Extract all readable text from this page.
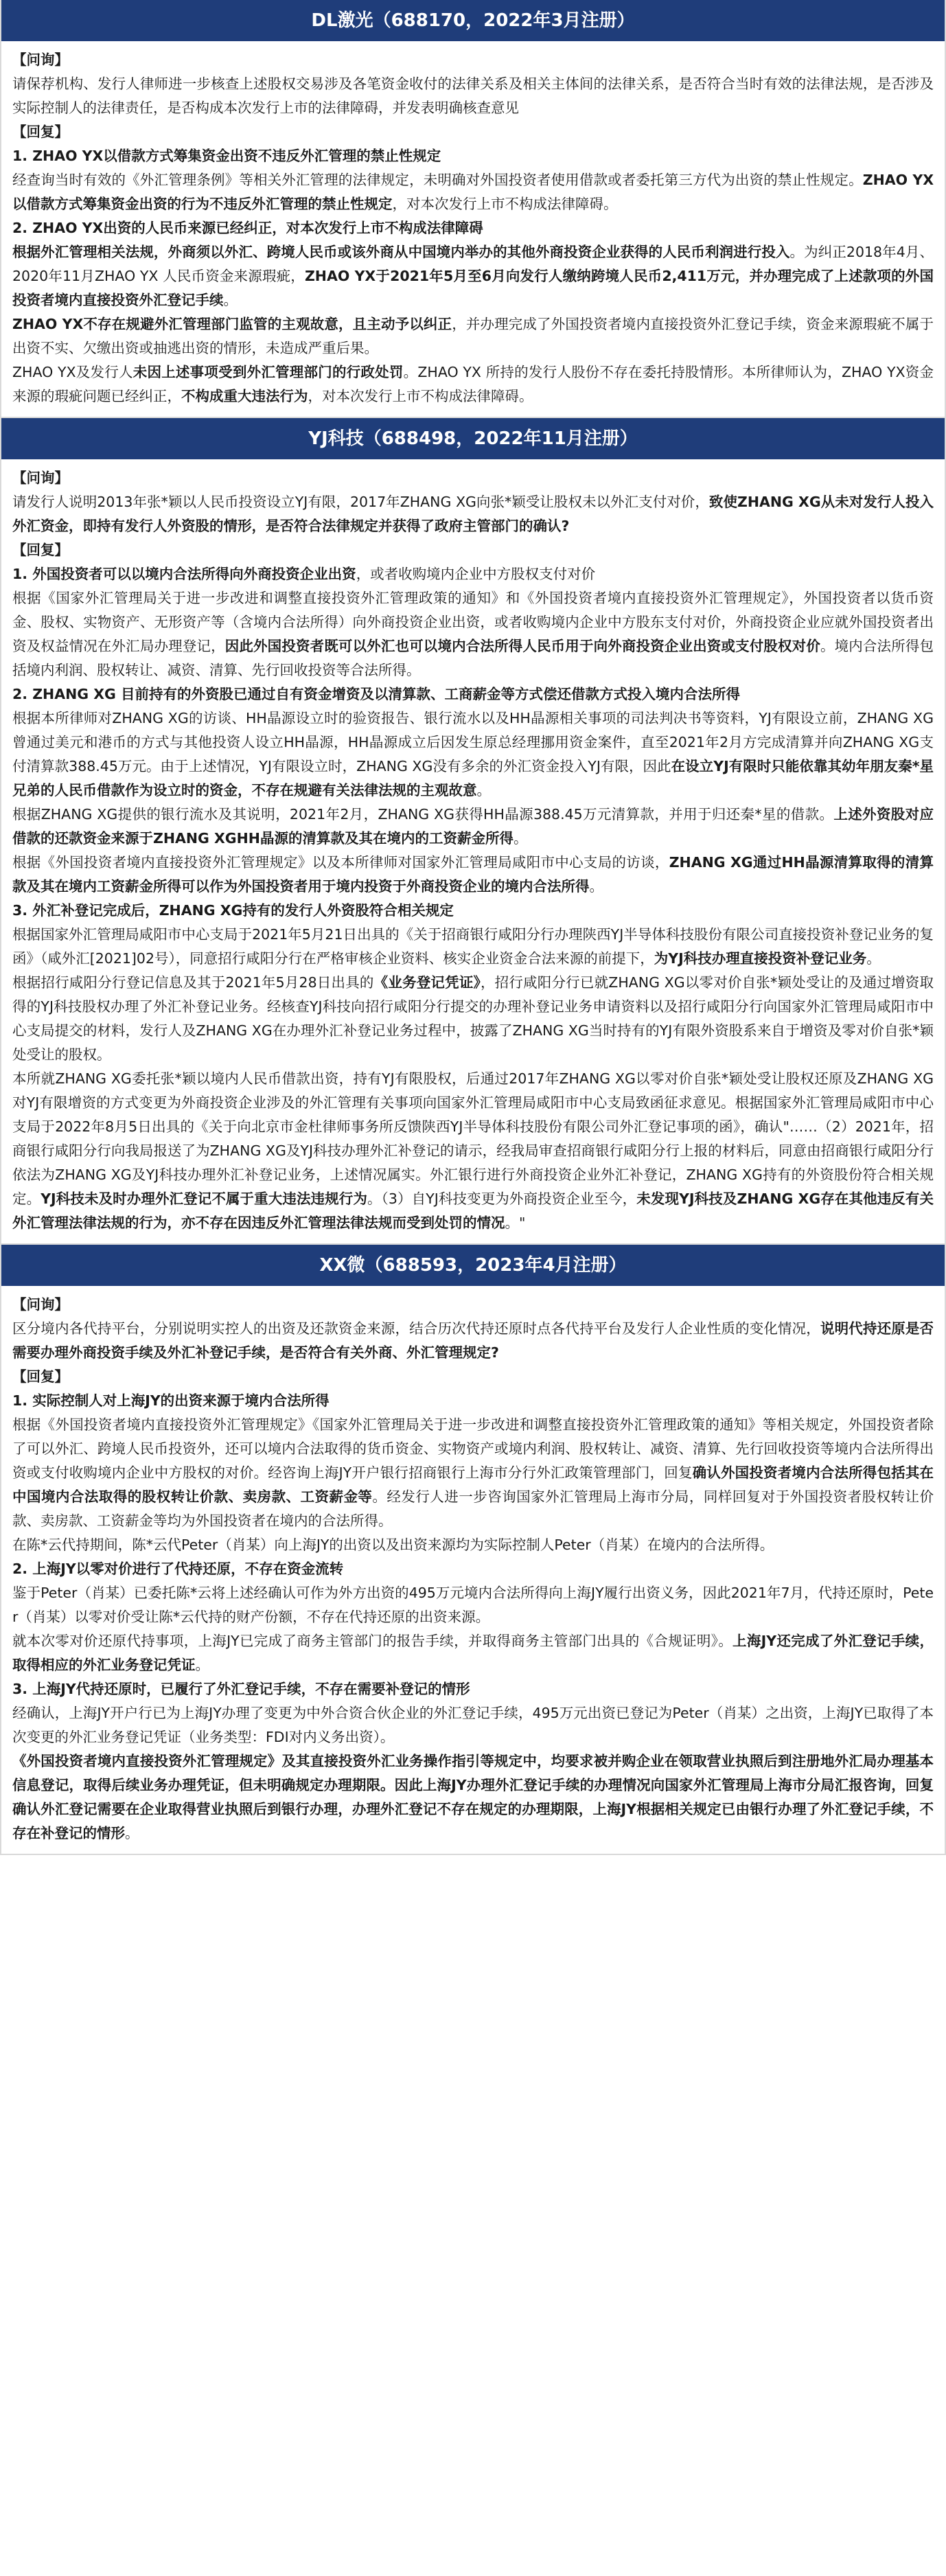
DL激光（688170，2022年3月注册）

【问询】

请保荐机构、发行人律师进一步核查上述股权交易涉及各笔资金收付的法律关系及相关主体间的法律关系，是否符合当时有效的法律法规，是否涉及实际控制人的法律责任，是否构成本次发行上市的法律障碍，并发表明确核查意见

【回复】

1. ZHAO YX以借款方式筹集资金出资不违反外汇管理的禁止性规定

经查询当时有效的《外汇管理条例》等相关外汇管理的法律规定，未明确对外国投资者使用借款或者委托第三方代为出资的禁止性规定。ZHAO YX以借款方式筹集资金出资的行为不违反外汇管理的禁止性规定，对本次发行上市不构成法律障碍。

2. ZHAO YX出资的人民币来源已经纠正，对本次发行上市不构成法律障碍

根据外汇管理相关法规，外商须以外汇、跨境人民币或该外商从中国境内举办的其他外商投资企业获得的人民币利润进行投入。为纠正2018年4月、2020年11月ZHAO YX 人民币资金来源瑕疵，ZHAO YX于2021年5月至6月向发行人缴纳跨境人民币2,411万元，并办理完成了上述款项的外国投资者境内直接投资外汇登记手续。

ZHAO YX不存在规避外汇管理部门监管的主观故意，且主动予以纠正，并办理完成了外国投资者境内直接投资外汇登记手续，资金来源瑕疵不属于出资不实、欠缴出资或抽逃出资的情形，未造成严重后果。

ZHAO YX及发行人未因上述事项受到外汇管理部门的行政处罚。ZHAO YX 所持的发行人股份不存在委托持股情形。本所律师认为，ZHAO YX资金来源的瑕疵问题已经纠正，不构成重大违法行为，对本次发行上市不构成法律障碍。

YJ科技（688498，2022年11月注册）

【问询】

请发行人说明2013年张*颖以人民币投资设立YJ有限，2017年ZHANG XG向张*颖受让股权未以外汇支付对价，致使ZHANG XG从未对发行人投入外汇资金，即持有发行人外资股的情形，是否符合法律规定并获得了政府主管部门的确认?

【回复】

1. 外国投资者可以以境内合法所得向外商投资企业出资，或者收购境内企业中方股权支付对价

根据《国家外汇管理局关于进一步改进和调整直接投资外汇管理政策的通知》和《外国投资者境内直接投资外汇管理规定》，外国投资者以货币资金、股权、实物资产、无形资产等（含境内合法所得）向外商投资企业出资，或者收购境内企业中方股东支付对价，外商投资企业应就外国投资者出资及权益情况在外汇局办理登记，因此外国投资者既可以外汇也可以境内合法所得人民币用于向外商投资企业出资或支付股权对价。境内合法所得包括境内利润、股权转让、减资、清算、先行回收投资等合法所得。

2. ZHANG XG 目前持有的外资股已通过自有资金增资及以清算款、工商薪金等方式偿还借款方式投入境内合法所得

根据本所律师对ZHANG XG的访谈、HH晶源设立时的验资报告、银行流水以及HH晶源相关事项的司法判决书等资料，YJ有限设立前，ZHANG XG曾通过美元和港币的方式与其他投资人设立HH晶源，HH晶源成立后因发生原总经理挪用资金案件，直至2021年2月方完成清算并向ZHANG XG支付清算款388.45万元。由于上述情况，YJ有限设立时，ZHANG XG没有多余的外汇资金投入YJ有限，因此在设立YJ有限时只能依靠其幼年朋友秦*星兄弟的人民币借款作为设立时的资金，不存在规避有关法律法规的主观故意。

根据ZHANG XG提供的银行流水及其说明，2021年2月，ZHANG XG获得HH晶源388.45万元清算款，并用于归还秦*星的借款。上述外资股对应借款的还款资金来源于ZHANG XGHH晶源的清算款及其在境内的工资薪金所得。

根据《外国投资者境内直接投资外汇管理规定》以及本所律师对国家外汇管理局咸阳市中心支局的访谈，ZHANG XG通过HH晶源清算取得的清算款及其在境内工资薪金所得可以作为外国投资者用于境内投资于外商投资企业的境内合法所得。

3. 外汇补登记完成后，ZHANG XG持有的发行人外资股符合相关规定

根据国家外汇管理局咸阳市中心支局于2021年5月21日出具的《关于招商银行咸阳分行办理陕西YJ半导体科技股份有限公司直接投资补登记业务的复函》（咸外汇[2021]02号），同意招行咸阳分行在严格审核企业资料、核实企业资金合法来源的前提下，为YJ科技办理直接投资补登记业务。

根据招行咸阳分行登记信息及其于2021年5月28日出具的《业务登记凭证》，招行咸阳分行已就ZHANG XG以零对价自张*颖处受让的及通过增资取得的YJ科技股权办理了外汇补登记业务。经核查YJ科技向招行咸阳分行提交的办理补登记业务申请资料以及招行咸阳分行向国家外汇管理局咸阳市中心支局提交的材料，发行人及ZHANG XG在办理外汇补登记业务过程中，披露了ZHANG XG当时持有的YJ有限外资股系来自于增资及零对价自张*颖处受让的股权。

本所就ZHANG XG委托张*颖以境内人民币借款出资，持有YJ有限股权，后通过2017年ZHANG XG以零对价自张*颖处受让股权还原及ZHANG XG对YJ有限增资的方式变更为外商投资企业涉及的外汇管理有关事项向国家外汇管理局咸阳市中心支局致函征求意见。根据国家外汇管理局咸阳市中心支局于2022年8月5日出具的《关于向北京市金杜律师事务所反馈陕西YJ半导体科技股份有限公司外汇登记事项的函》，确认"……（2）2021年，招商银行咸阳分行向我局报送了为ZHANG XG及YJ科技办理外汇补登记的请示，经我局审查招商银行咸阳分行上报的材料后，同意由招商银行咸阳分行依法为ZHANG XG及YJ科技办理外汇补登记业务，上述情况属实。外汇银行进行外商投资企业外汇补登记，ZHANG XG持有的外资股份符合相关规定。YJ科技未及时办理外汇登记不属于重大违法违规行为。（3）自YJ科技变更为外商投资企业至今，未发现YJ科技及ZHANG XG存在其他违反有关外汇管理法律法规的行为，亦不存在因违反外汇管理法律法规而受到处罚的情况。"

XX微（688593，2023年4月注册）

【问询】

区分境内各代持平台，分别说明实控人的出资及还款资金来源，结合历次代持还原时点各代持平台及发行人企业性质的变化情况，说明代持还原是否需要办理外商投资手续及外汇补登记手续，是否符合有关外商、外汇管理规定?

【回复】

1. 实际控制人对上海JY的出资来源于境内合法所得

根据《外国投资者境内直接投资外汇管理规定》《国家外汇管理局关于进一步改进和调整直接投资外汇管理政策的通知》等相关规定，外国投资者除了可以外汇、跨境人民币投资外，还可以境内合法取得的货币资金、实物资产或境内利润、股权转让、减资、清算、先行回收投资等境内合法所得出资或支付收购境内企业中方股权的对价。经咨询上海JY开户银行招商银行上海市分行外汇政策管理部门，回复确认外国投资者境内合法所得包括其在中国境内合法取得的股权转让价款、卖房款、工资薪金等。经发行人进一步咨询国家外汇管理局上海市分局，同样回复对于外国投资者股权转让价款、卖房款、工资薪金等均为外国投资者在境内的合法所得。

在陈*云代持期间，陈*云代Peter（肖某）向上海JY的出资以及出资来源均为实际控制人Peter（肖某）在境内的合法所得。

2. 上海JY以零对价进行了代持还原，不存在资金流转

鉴于Peter（肖某）已委托陈*云将上述经确认可作为外方出资的495万元境内合法所得向上海JY履行出资义务，因此2021年7月，代持还原时，Peter（肖某）以零对价受让陈*云代持的财产份额，不存在代持还原的出资来源。

就本次零对价还原代持事项，上海JY已完成了商务主管部门的报告手续，并取得商务主管部门出具的《合规证明》。上海JY还完成了外汇登记手续，取得相应的外汇业务登记凭证。

3. 上海JY代持还原时，已履行了外汇登记手续，不存在需要补登记的情形

经确认，上海JY开户行已为上海JY办理了变更为中外合资合伙企业的外汇登记手续，495万元出资已登记为Peter（肖某）之出资，上海JY已取得了本次变更的外汇业务登记凭证（业务类型：FDI对内义务出资）。

《外国投资者境内直接投资外汇管理规定》及其直接投资外汇业务操作指引等规定中，均要求被并购企业在领取营业执照后到注册地外汇局办理基本信息登记，取得后续业务办理凭证，但未明确规定办理期限。因此上海JY办理外汇登记手续的办理情况向国家外汇管理局上海市分局汇报咨询，回复确认外汇登记需要在企业取得营业执照后到银行办理，办理外汇登记不存在规定的办理期限，上海JY根据相关规定已由银行办理了外汇登记手续，不存在补登记的情形。
